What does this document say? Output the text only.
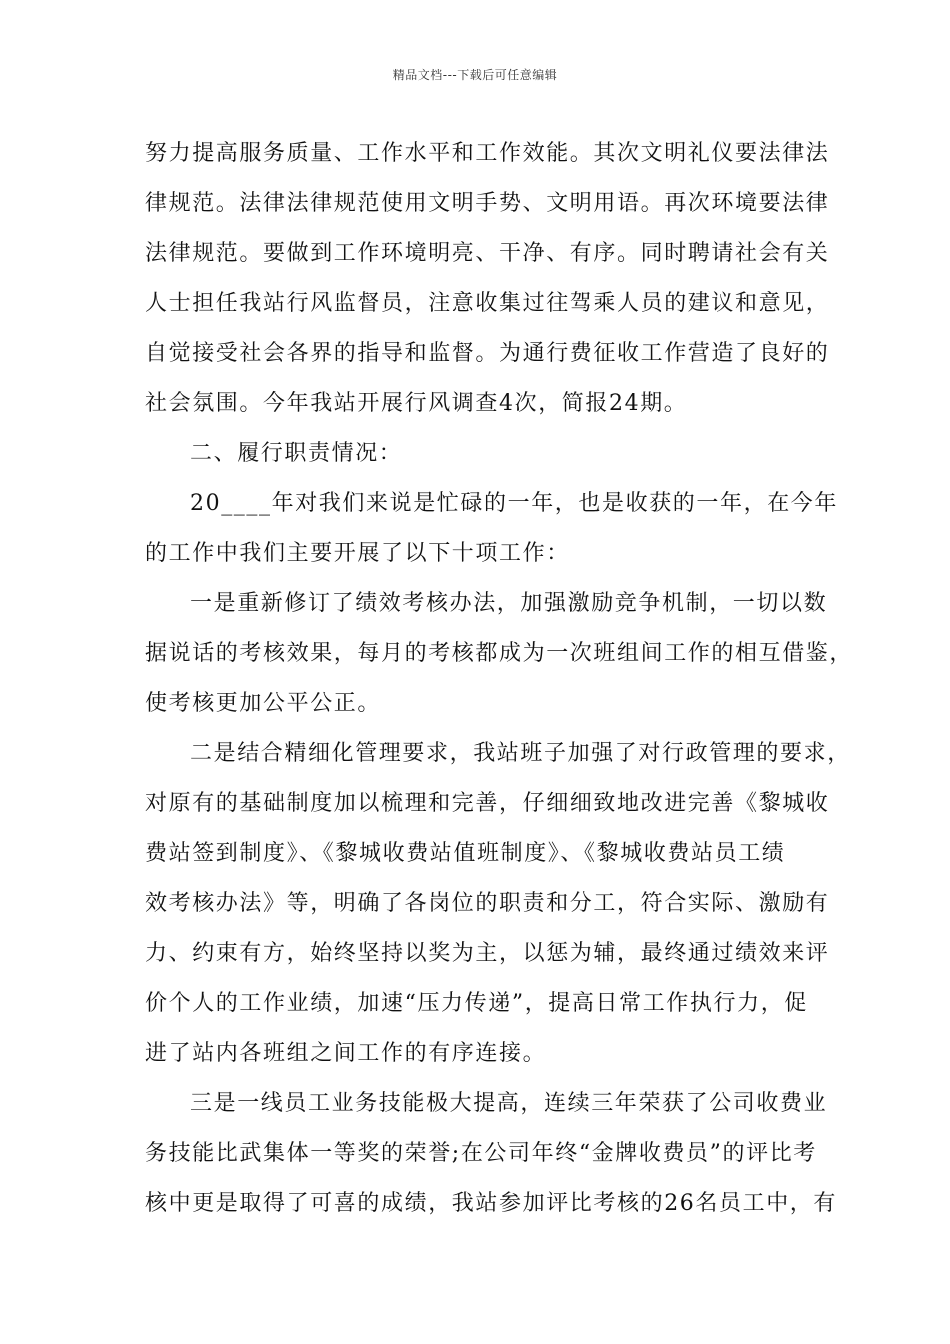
精品文档---下载后可任意编辑
努力提高服务质量、工作水平和工作效能。其次文明礼仪要法律法
律规范。法律法律规范使用文明手势、文明用语。再次环境要法律
法律规范。要做到工作环境明亮、干净、有序。同时聘请社会有关
人士担任我站行风监督员，注意收集过往驾乘人员的建议和意见，
自觉接受社会各界的指导和监督。为通行费征收工作营造了良好的
社会氛围。今年我站开展行风调查4次，简报24期。
二、履行职责情况：
20____年对我们来说是忙碌的一年，也是收获的一年，在今年
的工作中我们主要开展了以下十项工作：
一是重新修订了绩效考核办法，加强激励竞争机制，一切以数
据说话的考核效果，每月的考核都成为一次班组间工作的相互借鉴，
使考核更加公平公正。
二是结合精细化管理要求，我站班子加强了对行政管理的要求，
对原有的基础制度加以梳理和完善，仔细细致地改进完善《黎城收
费站签到制度》、《黎城收费站值班制度》、《黎城收费站员工绩
效考核办法》等，明确了各岗位的职责和分工，符合实际、激励有
力、约束有方，始终坚持以奖为主，以惩为辅，最终通过绩效来评
价个人的工作业绩，加速“压力传递”，提高日常工作执行力，促
进了站内各班组之间工作的有序连接。
三是一线员工业务技能极大提高，连续三年荣获了公司收费业
务技能比武集体一等奖的荣誉;在公司年终“金牌收费员”的评比考
核中更是取得了可喜的成绩，我站参加评比考核的26名员工中，有
